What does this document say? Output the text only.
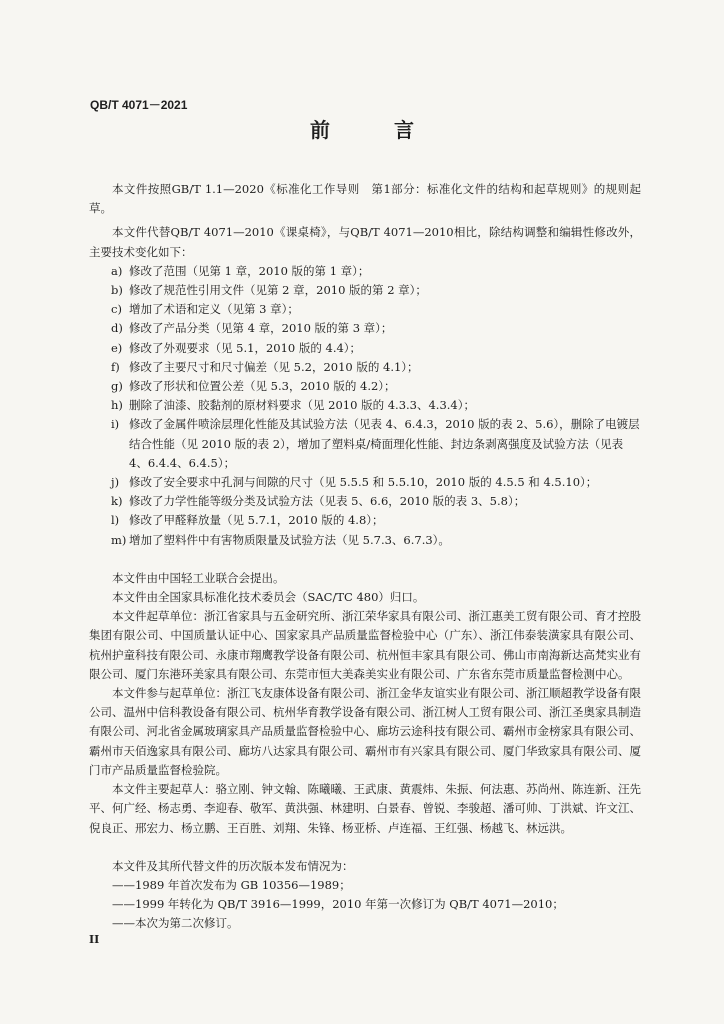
QB/T 4071－2021
前　言

本文件按照GB/T 1.1—2020《标准化工作导则　第1部分：标准化文件的结构和起草规则》的规则起草。

本文件代替QB/T 4071—2010《课桌椅》，与QB/T 4071—2010相比，除结构调整和编辑性修改外，主要技术变化如下：

a) 修改了范围（见第 1 章，2010 版的第 1 章）；
b) 修改了规范性引用文件（见第 2 章，2010 版的第 2 章）；
c) 增加了术语和定义（见第 3 章）；
d) 修改了产品分类（见第 4 章，2010 版的第 3 章）；
e) 修改了外观要求（见 5.1，2010 版的 4.4）；
f) 修改了主要尺寸和尺寸偏差（见 5.2，2010 版的 4.1）；
g) 修改了形状和位置公差（见 5.3，2010 版的 4.2）；
h) 删除了油漆、胶黏剂的原材料要求（见 2010 版的 4.3.3、4.3.4）；
i) 修改了金属件喷涂层理化性能及其试验方法（见表 4、6.4.3，2010 版的表 2、5.6），删除了电镀层结合性能（见 2010 版的表 2），增加了塑料桌/椅面理化性能、封边条剥离强度及试验方法（见表 4、6.4.4、6.4.5）；
j) 修改了安全要求中孔洞与间隙的尺寸（见 5.5.5 和 5.5.10，2010 版的 4.5.5 和 4.5.10）；
k) 修改了力学性能等级分类及试验方法（见表 5、6.6，2010 版的表 3、5.8）；
l) 修改了甲醛释放量（见 5.7.1，2010 版的 4.8）；
m) 增加了塑料件中有害物质限量及试验方法（见 5.7.3、6.7.3）。

本文件由中国轻工业联合会提出。

本文件由全国家具标准化技术委员会（SAC/TC 480）归口。

本文件起草单位：浙江省家具与五金研究所、浙江荣华家具有限公司、浙江惠美工贸有限公司、育才控股集团有限公司、中国质量认证中心、国家家具产品质量监督检验中心（广东）、浙江伟泰装潢家具有限公司、杭州护童科技有限公司、永康市翔鹰教学设备有限公司、杭州恒丰家具有限公司、佛山市南海新达高梵实业有限公司、厦门东港环美家具有限公司、东莞市恒大美森美实业有限公司、广东省东莞市质量监督检测中心。

本文件参与起草单位：浙江飞友康体设备有限公司、浙江金华友谊实业有限公司、浙江顺超教学设备有限公司、温州中信科教设备有限公司、杭州华育教学设备有限公司、浙江树人工贸有限公司、浙江圣奥家具制造有限公司、河北省金属玻璃家具产品质量监督检验中心、廊坊云途科技有限公司、霸州市金榜家具有限公司、霸州市天佰逸家具有限公司、廊坊八达家具有限公司、霸州市有兴家具有限公司、厦门华致家具有限公司、厦门市产品质量监督检验院。

本文件主要起草人：骆立刚、钟文翰、陈曦曦、王武康、黄震炜、朱振、何法惠、苏尚州、陈连新、汪先平、何广经、杨志勇、李迎春、敬军、黄洪强、林建明、白景春、曾锐、李骏超、潘可帅、丁洪斌、许文江、倪良正、邢宏力、杨立鹏、王百胜、刘翔、朱锋、杨亚桥、卢连福、王红强、杨越飞、林远洪。

本文件及其所代替文件的历次版本发布情况为：

——1989 年首次发布为 GB 10356—1989；
——1999 年转化为 QB/T 3916—1999，2010 年第一次修订为 QB/T 4071—2010；
——本次为第二次修订。
II
